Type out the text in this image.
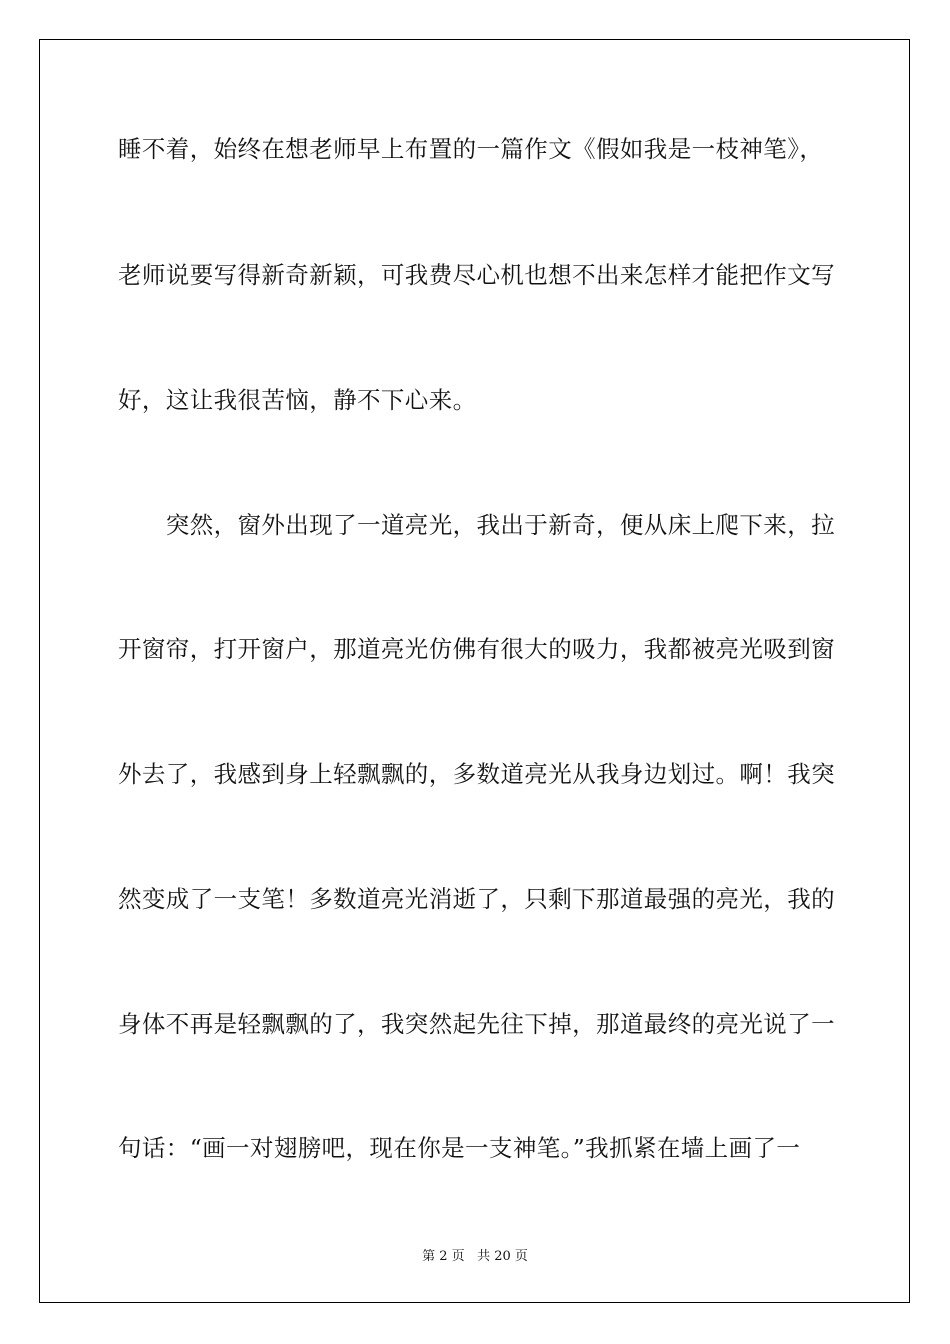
睡不着，始终在想老师早上布置的一篇作文《假如我是一枝神笔》，
老师说要写得新奇新颖，可我费尽心机也想不出来怎样才能把作文写
好，这让我很苦恼，静不下心来。
　　突然，窗外出现了一道亮光，我出于新奇，便从床上爬下来，拉
开窗帘，打开窗户，那道亮光仿佛有很大的吸力，我都被亮光吸到窗
外去了，我感到身上轻飘飘的，多数道亮光从我身边划过。啊！我突
然变成了一支笔！多数道亮光消逝了，只剩下那道最强的亮光，我的
身体不再是轻飘飘的了，我突然起先往下掉，那道最终的亮光说了一
句话：“画一对翅膀吧，现在你是一支神笔。”我抓紧在墙上画了一
第 2 页 共 20 页
